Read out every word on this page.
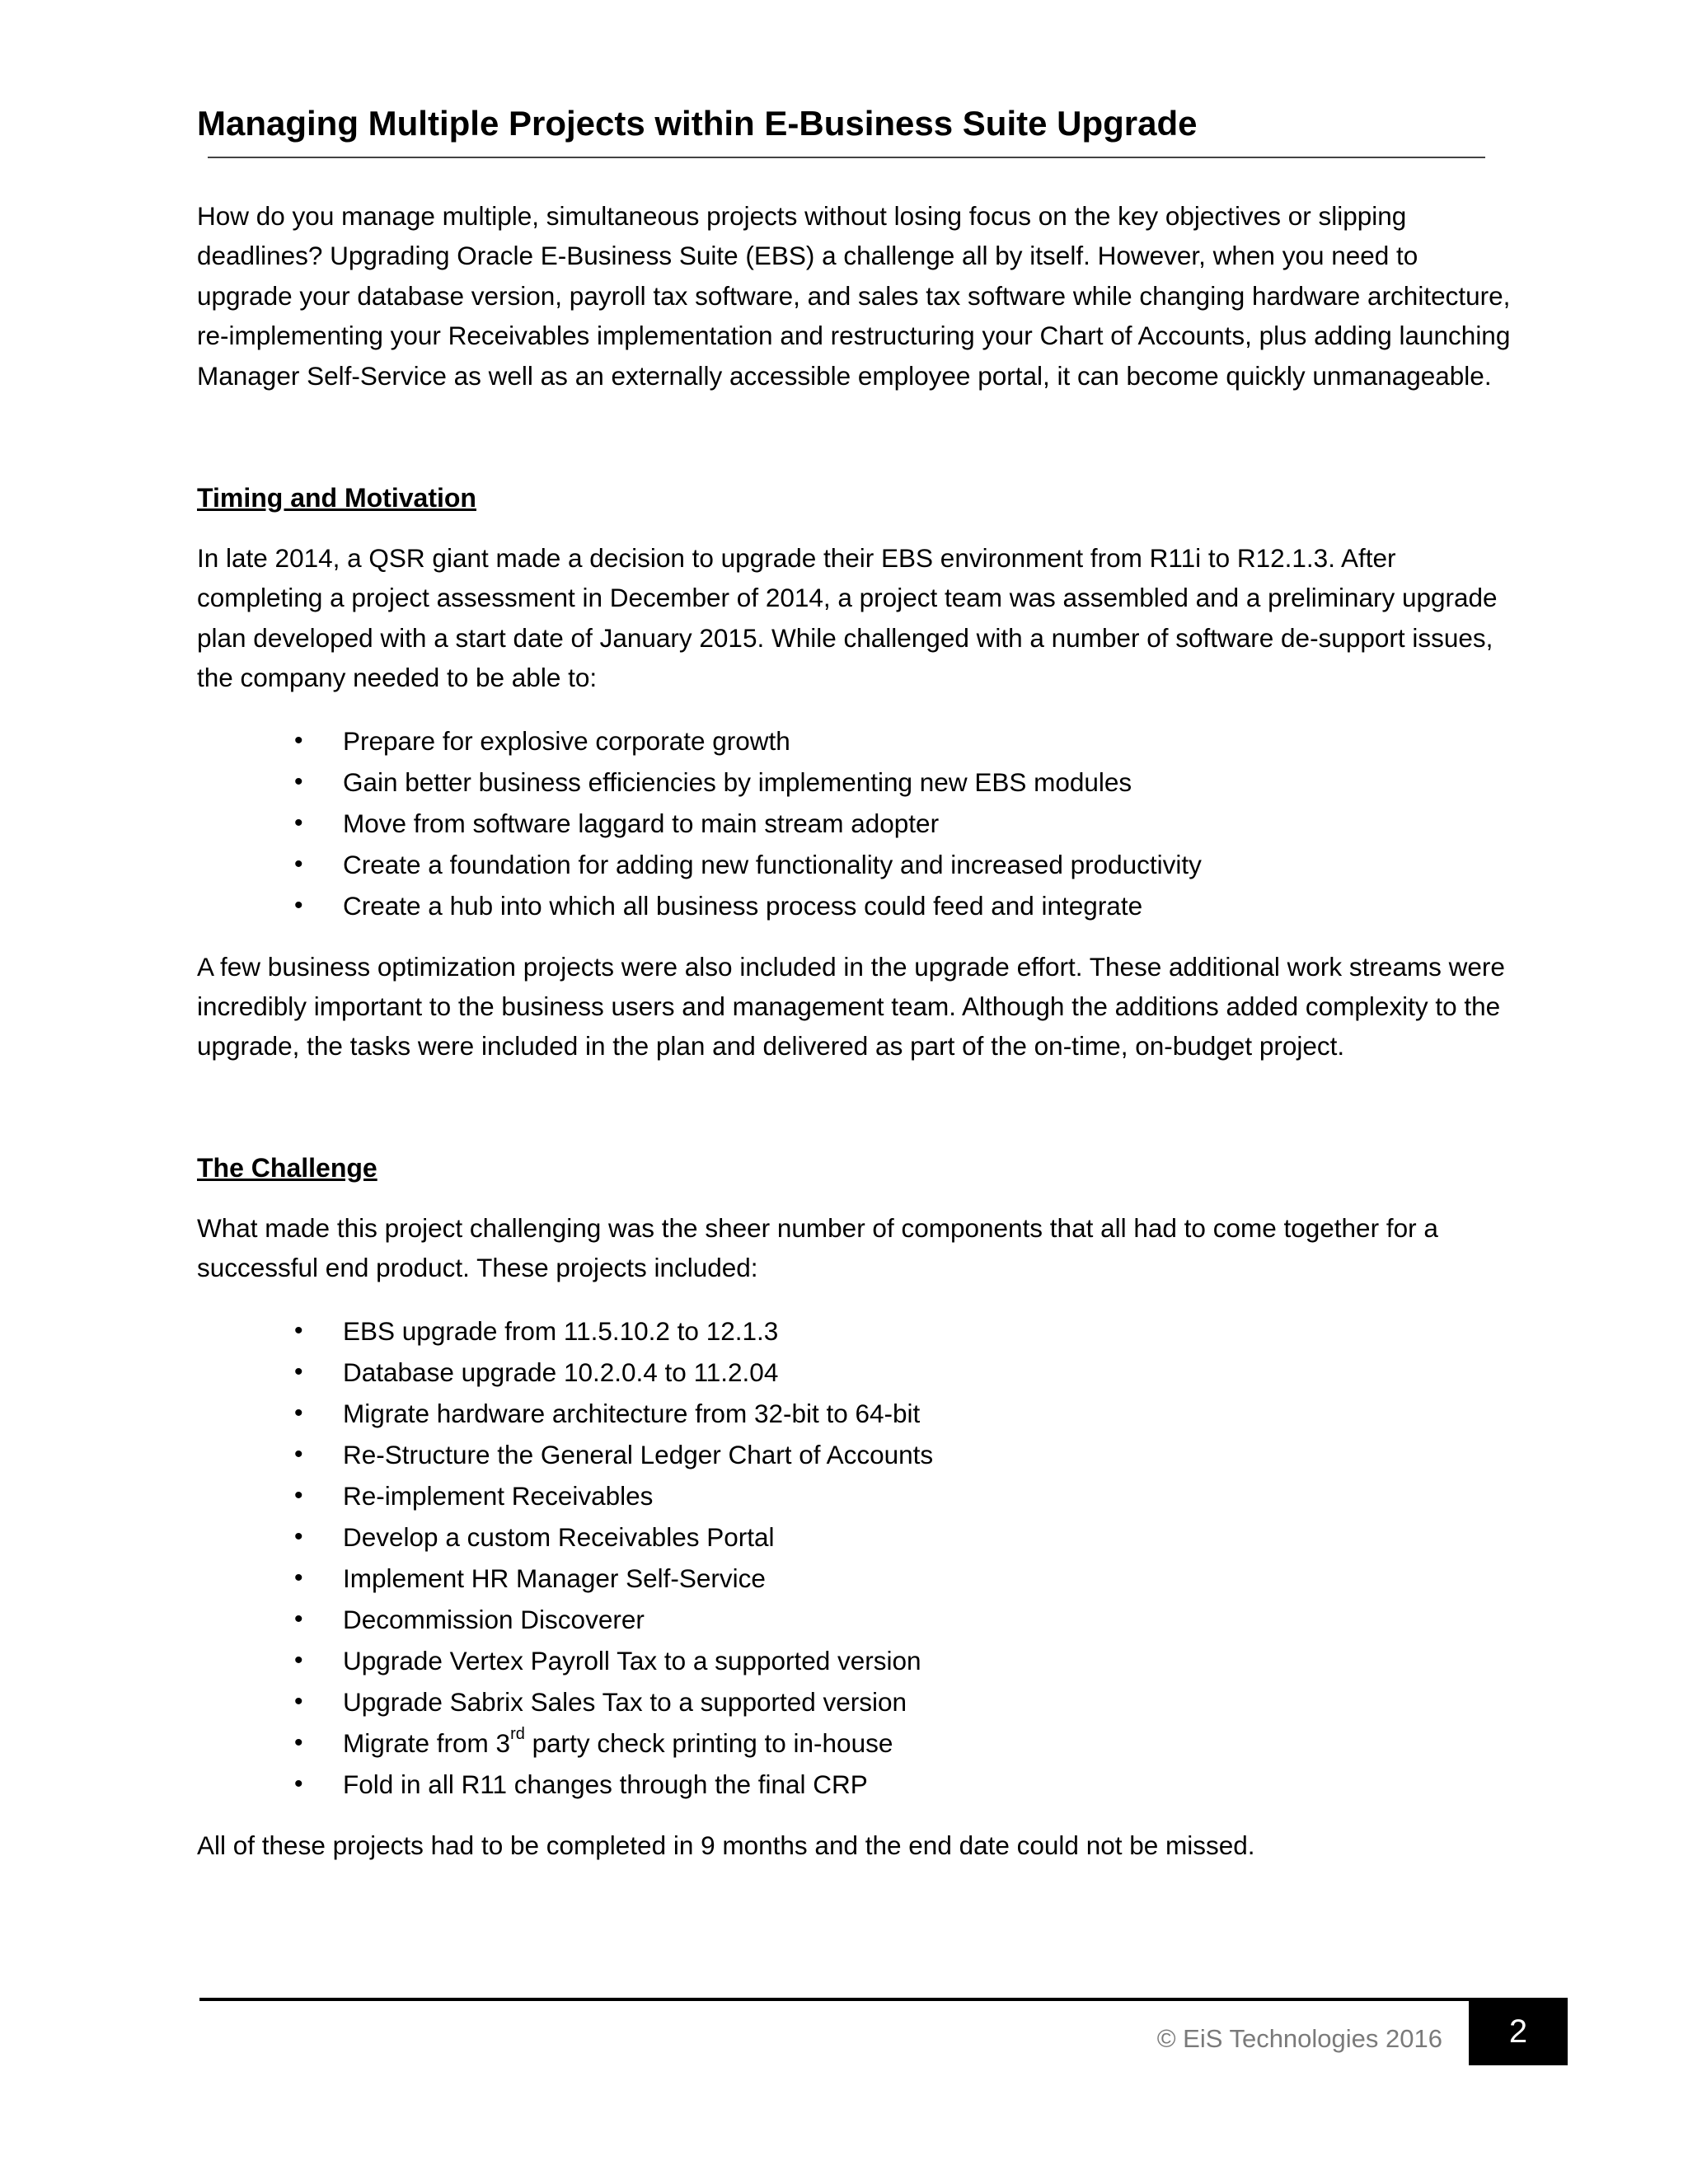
Managing Multiple Projects within E-Business Suite Upgrade

How do you manage multiple, simultaneous projects without losing focus on the key objectives or slipping deadlines? Upgrading Oracle E-Business Suite (EBS) a challenge all by itself. However, when you need to upgrade your database version, payroll tax software, and sales tax software while changing hardware architecture, re-implementing your Receivables implementation and restructuring your Chart of Accounts, plus adding launching Manager Self-Service as well as an externally accessible employee portal, it can become quickly unmanageable.

Timing and Motivation

In late 2014, a QSR giant made a decision to upgrade their EBS environment from R11i to R12.1.3. After completing a project assessment in December of 2014, a project team was assembled and a preliminary upgrade plan developed with a start date of January 2015. While challenged with a number of software de-support issues, the company needed to be able to:

• Prepare for explosive corporate growth
• Gain better business efficiencies by implementing new EBS modules
• Move from software laggard to main stream adopter
• Create a foundation for adding new functionality and increased productivity
• Create a hub into which all business process could feed and integrate

A few business optimization projects were also included in the upgrade effort. These additional work streams were incredibly important to the business users and management team. Although the additions added complexity to the upgrade, the tasks were included in the plan and delivered as part of the on-time, on-budget project.

The Challenge

What made this project challenging was the sheer number of components that all had to come together for a successful end product. These projects included:

• EBS upgrade from 11.5.10.2 to 12.1.3
• Database upgrade 10.2.0.4 to 11.2.04
• Migrate hardware architecture from 32-bit to 64-bit
• Re-Structure the General Ledger Chart of Accounts
• Re-implement Receivables
• Develop a custom Receivables Portal
• Implement HR Manager Self-Service
• Decommission Discoverer
• Upgrade Vertex Payroll Tax to a supported version
• Upgrade Sabrix Sales Tax to a supported version
• Migrate from 3rd party check printing to in-house
• Fold in all R11 changes through the final CRP

All of these projects had to be completed in 9 months and the end date could not be missed.

© EiS Technologies 2016 2
